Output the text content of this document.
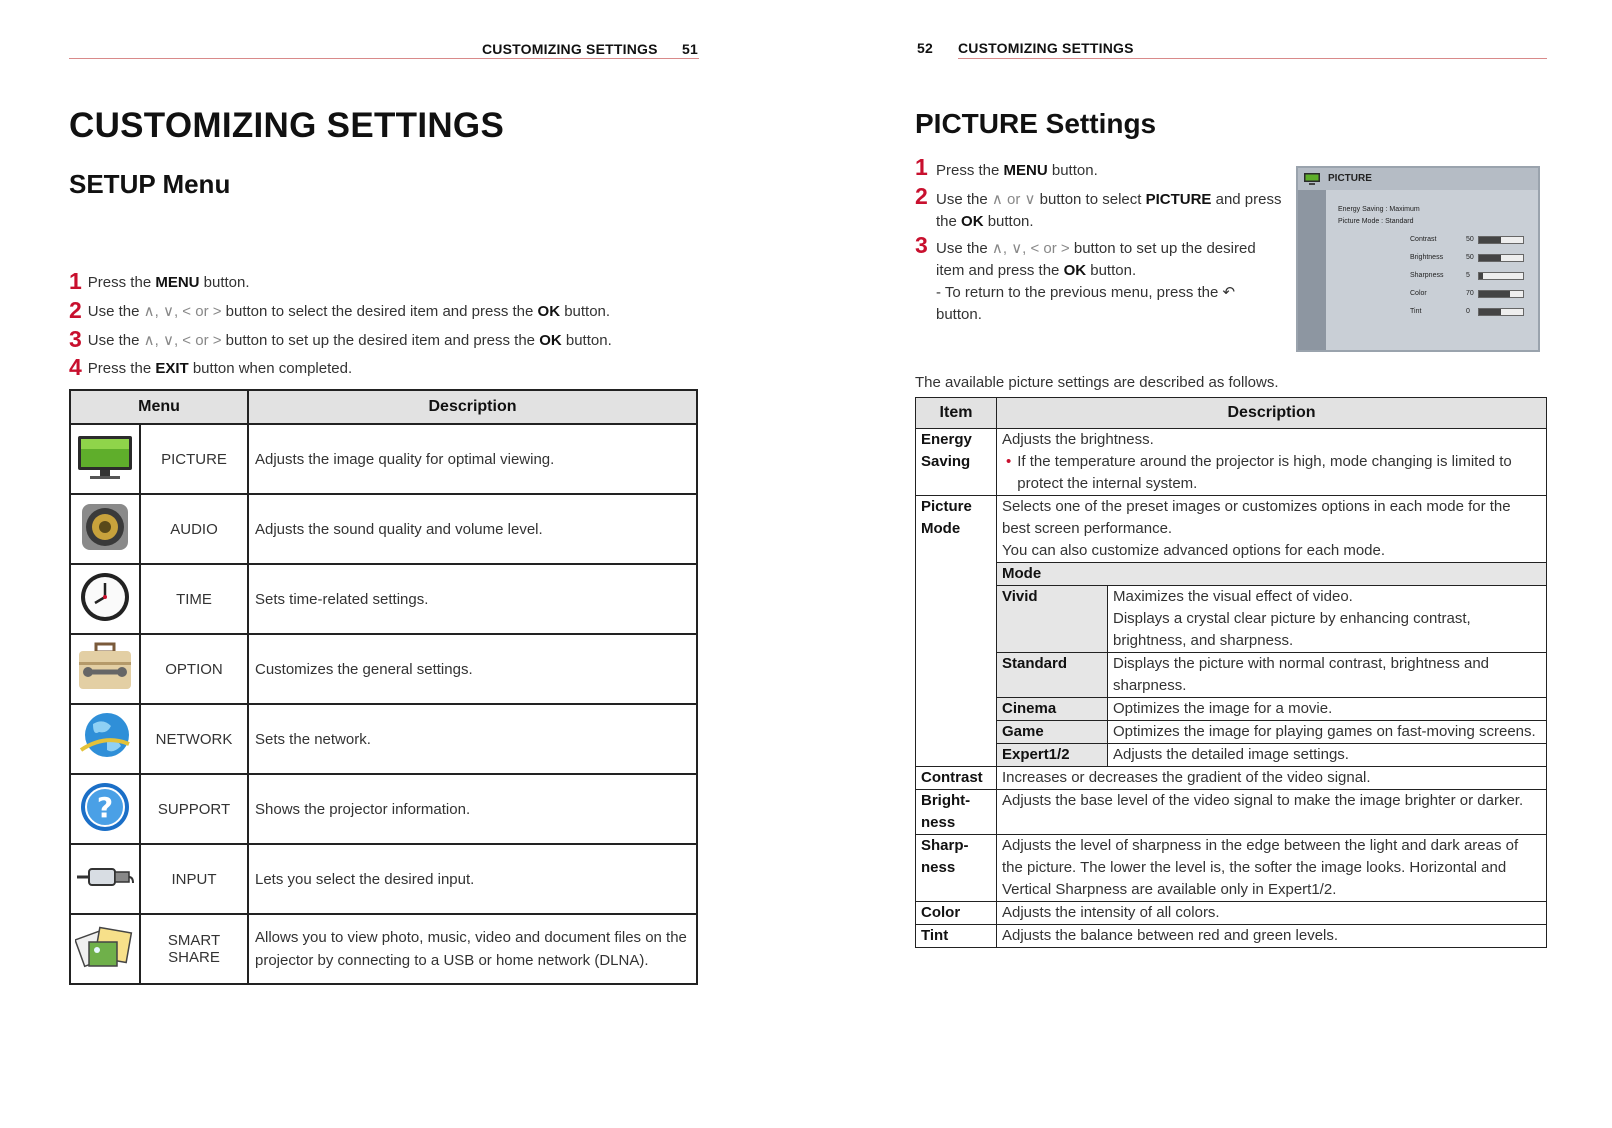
CUSTOMIZING SETTINGS 51
CUSTOMIZING SETTINGS
SETUP Menu
1 Press the MENU button.
2 Use the ∧, ∨, < or > button to select the desired item and press the OK button.
3 Use the ∧, ∨, < or > button to set up the desired item and press the OK button.
4 Press the EXIT button when completed.
Menu		Description
	PICTURE	Adjusts the image quality for optimal viewing.
	AUDIO	Adjusts the sound quality and volume level.
	TIME	Sets time-related settings.
	OPTION	Customizes the general settings.
	NETWORK	Sets the network.

?	SUPPORT	Shows the projector information.
	INPUT	Lets you select the desired input.
	SMART SHARE	Allows you to view photo, music, video and document files on the projector by connecting to a USB or home network (DLNA).
52 CUSTOMIZING SETTINGS
PICTURE Settings
1 Press the MENU button.
2 Use the ∧ or ∨ button to select PICTURE and press the OK button.
3 Use the ∧, ∨, < or > button to set up the desired item and press the OK button.
- To return to the previous menu, press the ↶ button.
PICTURE
Energy Saving : Maximum
Picture Mode : Standard
Contrast	50
Brightness	50
Sharpness	5
Color	70
Tint	0
The available picture settings are described as follows.
Item	Description	
Energy Saving	Adjusts the brightness.
• If the temperature around the projector is high, mode changing is limited to protect the internal system.	

Picture Mode	Selects one of the preset images or customizes options in each mode for the best screen performance.
You can also customize advanced options for each mode.	

	Mode	
	Vivid	Maximizes the visual effect of video.
Displays a crystal clear picture by enhancing contrast, brightness, and sharpness.

	Standard	Displays the picture with normal contrast, brightness and sharpness.
	Cinema	Optimizes the image for a movie.
	Game	Optimizes the image for playing games on fast-moving screens.
	Expert1/2	Adjusts the detailed image settings.
Contrast	Increases or decreases the gradient of the video signal.	
Bright-ness	Adjusts the base level of the video signal to make the image brighter or darker.	
Sharp-ness	Adjusts the level of sharpness in the edge between the light and dark areas of the picture. The lower the level is, the softer the image looks. Horizontal and Vertical Sharpness are available only in Expert1/2.	
Color	Adjusts the intensity of all colors.	
Tint	Adjusts the balance between red and green levels.	
